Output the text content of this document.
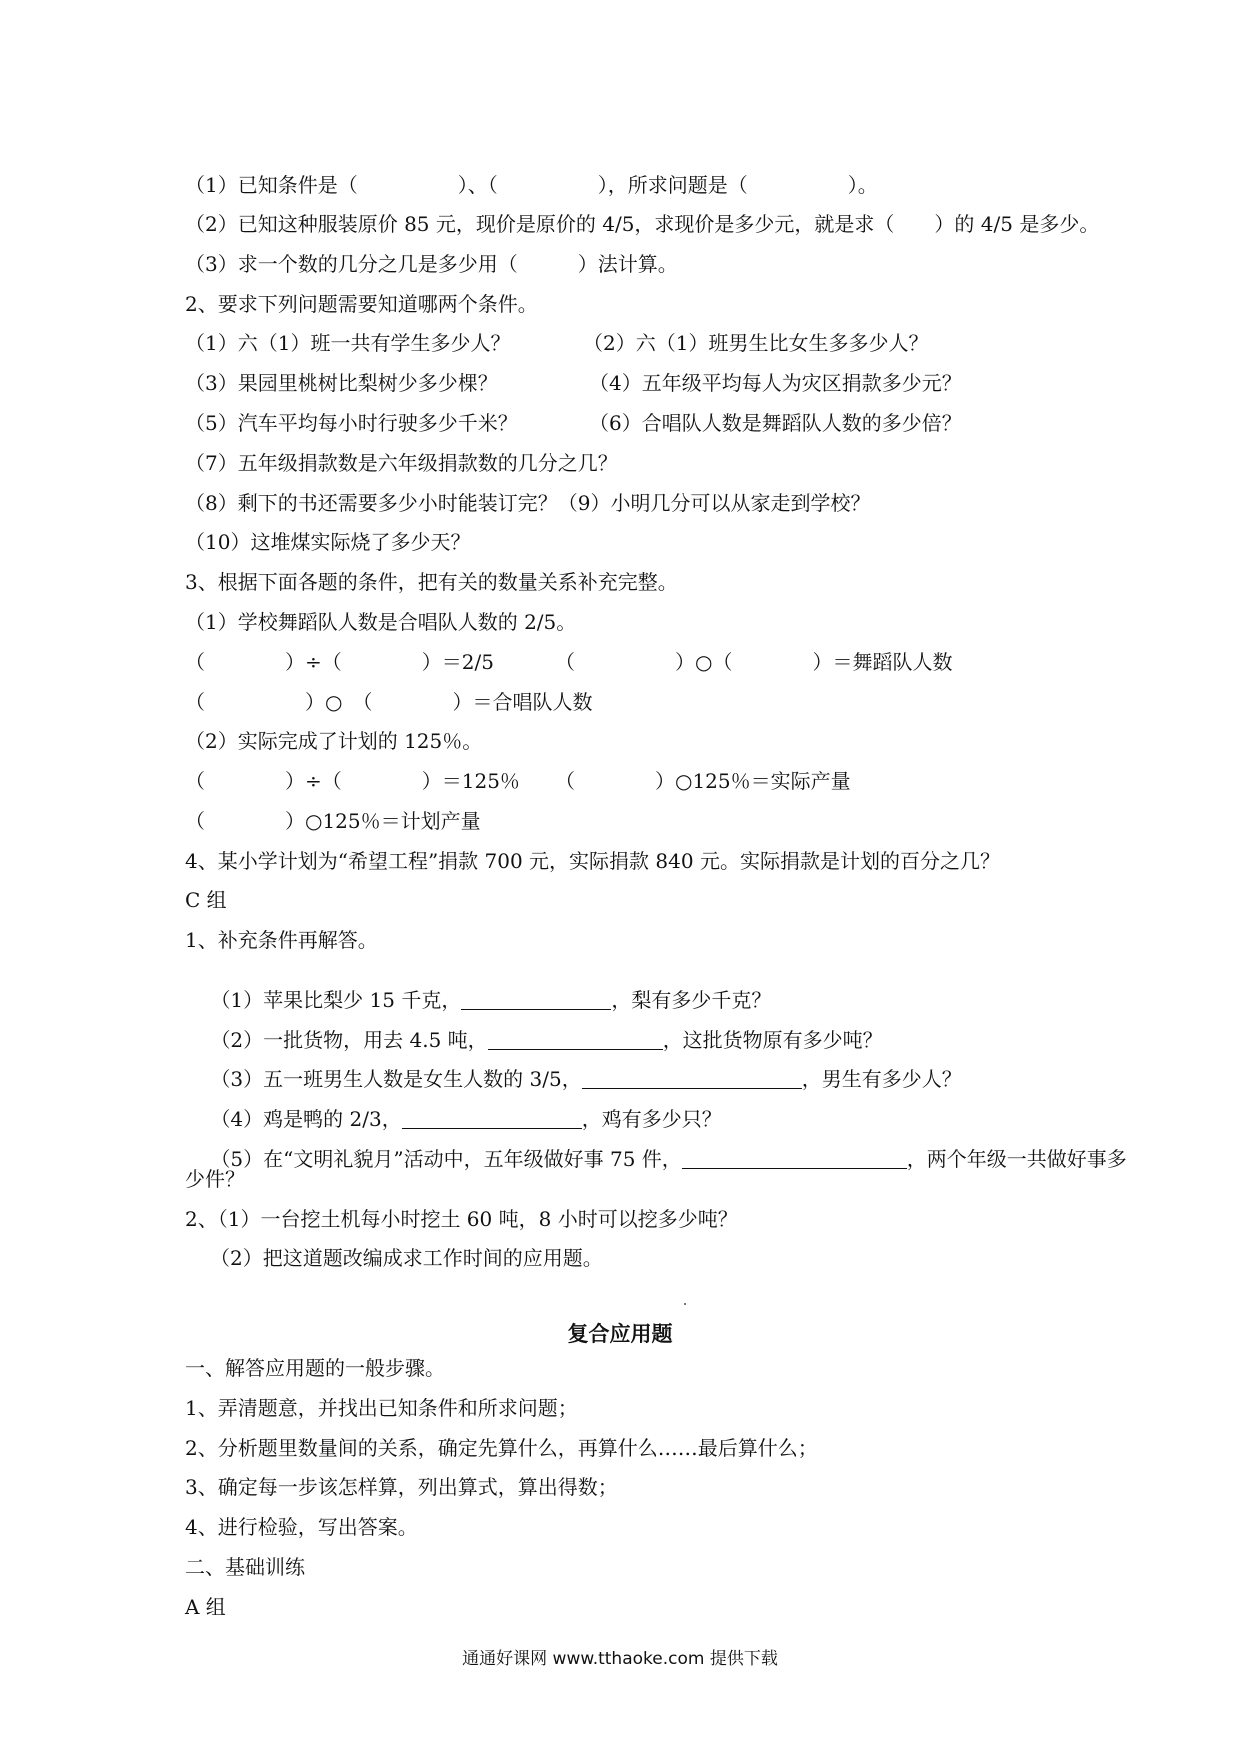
（1）已知条件是（　　　　　）、（　　　　　），所求问题是（　　　　　）。
（2）已知这种服装原价 85 元，现价是原价的 4/5，求现价是多少元，就是求（　　）的 4/5 是多少。
（3）求一个数的几分之几是多少用（　　　）法计算。
2、要求下列问题需要知道哪两个条件。
（1）六（1）班一共有学生多少人？	（2）六（1）班男生比女生多多少人？
（3）果园里桃树比梨树少多少棵？	（4）五年级平均每人为灾区捐款多少元？
（5）汽车平均每小时行驶多少千米？	（6）合唱队人数是舞蹈队人数的多少倍？
（7）五年级捐款数是六年级捐款数的几分之几？
（8）剩下的书还需要多少小时能装订完？（9）小明几分可以从家走到学校？
（10）这堆煤实际烧了多少天？
3、根据下面各题的条件，把有关的数量关系补充完整。
（1）学校舞蹈队人数是合唱队人数的 2/5。
（　　　　）÷（　　　　）＝2/5	（　　　　　）○（　　　　）＝舞蹈队人数
（　　　　　）○　（　　　　）＝合唱队人数
（2）实际完成了计划的 125％。
（　　　　）÷（　　　　）＝125％ （　　　　）○125％＝实际产量
（　　　　）○125％＝计划产量
4、某小学计划为“希望工程”捐款 700 元，实际捐款 840 元。实际捐款是计划的百分之几？
C 组
1、补充条件再解答。

（1）苹果比梨少 15 千克，	，梨有多少千克？

（2）一批货物，用去 4.5 吨，	，这批货物原有多少吨？

（3）五一班男生人数是女生人数的 3/5，	，男生有多少人？

（4）鸡是鸭的 2/3，	，鸡有多少只？

（5）在“文明礼貌月”活动中，五年级做好事 75 件，	，两个年级一共做好事多

少件？
2、（1）一台挖土机每小时挖土 60 吨，8 小时可以挖多少吨？
（2）把这道题改编成求工作时间的应用题。
复合应用题
一、解答应用题的一般步骤。
1、弄清题意，并找出已知条件和所求问题；
2、分析题里数量间的关系，确定先算什么，再算什么……最后算什么；
3、确定每一步该怎样算，列出算式，算出得数；
4、进行检验，写出答案。
二、基础训练
A 组
通通好课网 www.tthaoke.com 提供下载
